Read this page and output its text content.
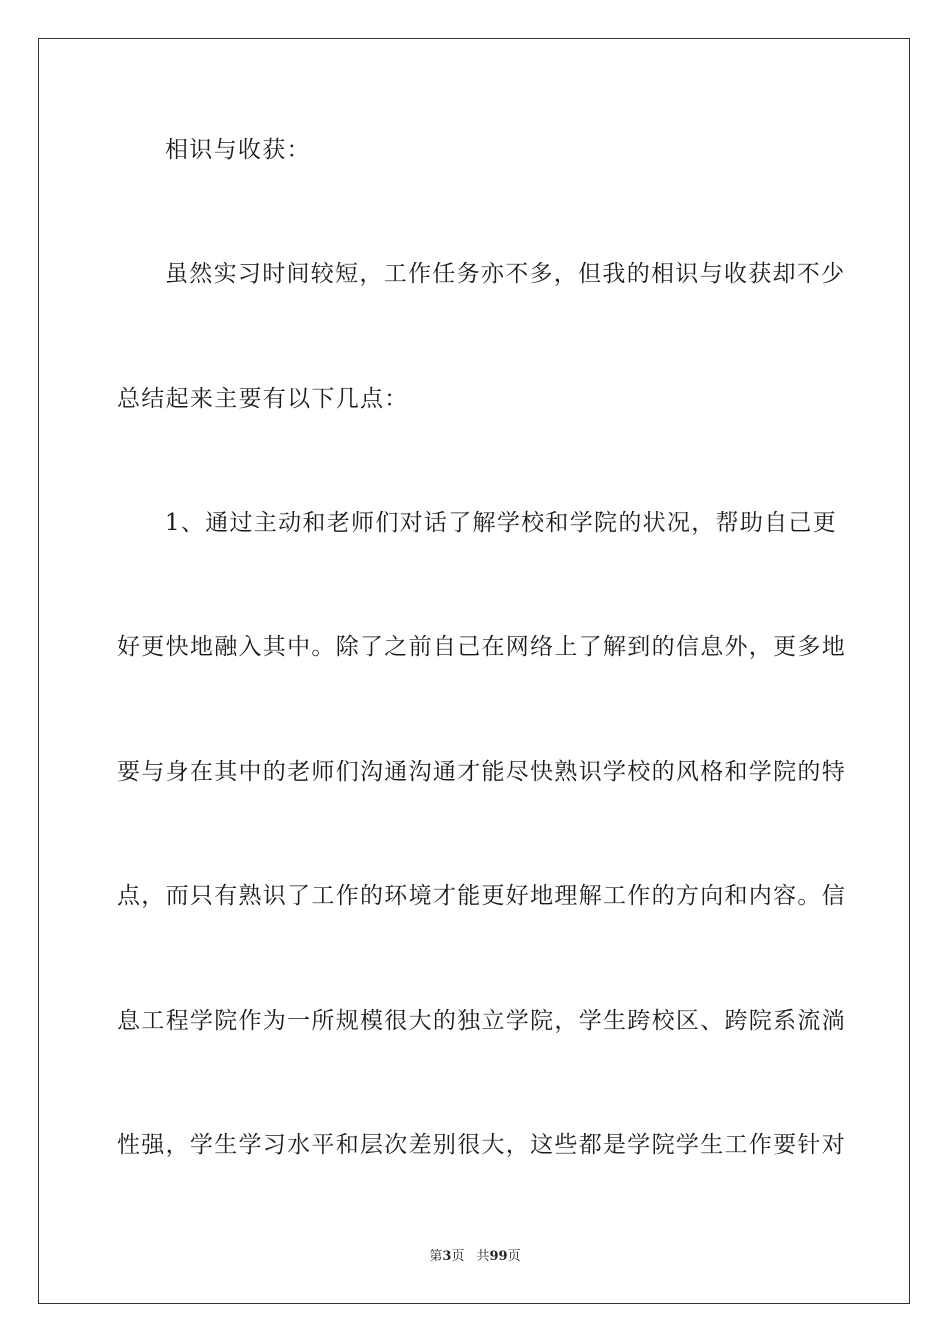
相识与收获：
虽然实习时间较短，工作任务亦不多，但我的相识与收获却不少
总结起来主要有以下几点：
1、通过主动和老师们对话了解学校和学院的状况，帮助自己更
好更快地融入其中。除了之前自己在网络上了解到的信息外，更多地
要与身在其中的老师们沟通沟通才能尽快熟识学校的风格和学院的特
点，而只有熟识了工作的环境才能更好地理解工作的方向和内容。信
息工程学院作为一所规模很大的独立学院，学生跨校区、跨院系流淌
性强，学生学习水平和层次差别很大，这些都是学院学生工作要针对
第3页 共99页
